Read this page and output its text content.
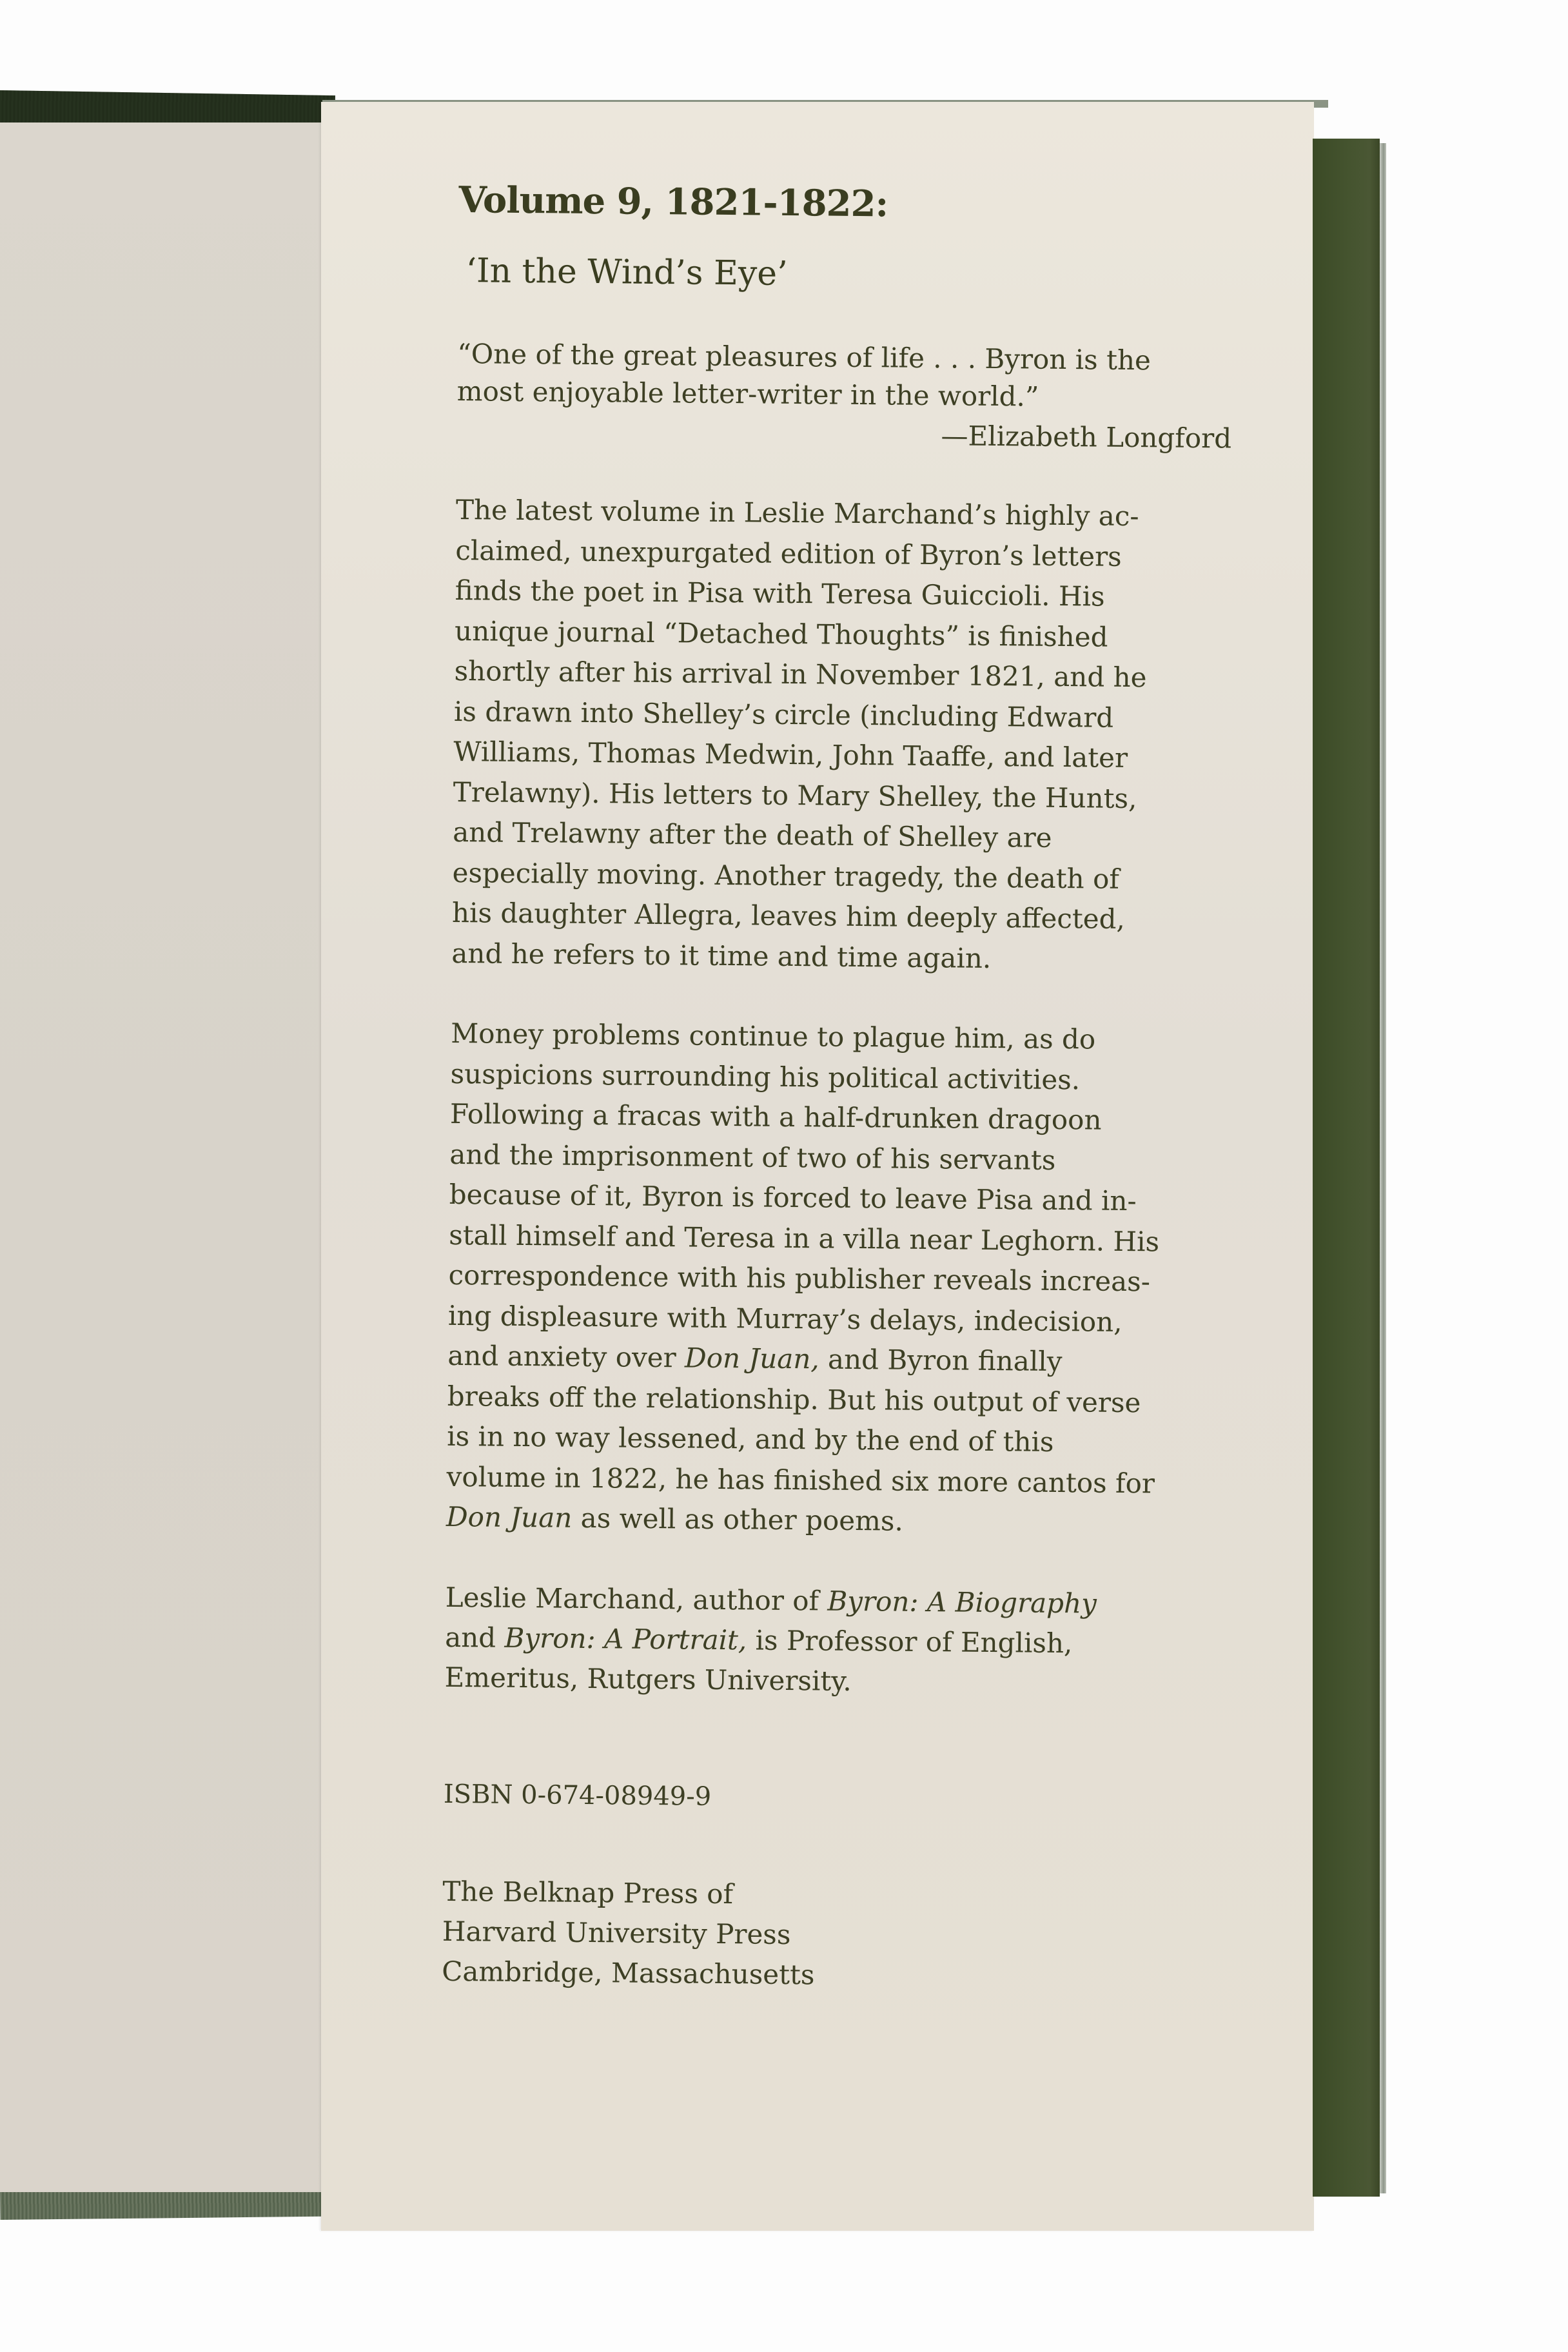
Volume 9, 1821-1822:
‘In the Wind’s Eye’
“One of the great pleasures of life . . . Byron is the
most enjoyable letter-writer in the world.”
—Elizabeth Longford
The latest volume in Leslie Marchand’s highly ac-
claimed, unexpurgated edition of Byron’s letters
finds the poet in Pisa with Teresa Guiccioli. His
unique journal “Detached Thoughts” is finished
shortly after his arrival in November 1821, and he
is drawn into Shelley’s circle (including Edward
Williams, Thomas Medwin, John Taaffe, and later
Trelawny). His letters to Mary Shelley, the Hunts,
and Trelawny after the death of Shelley are
especially moving. Another tragedy, the death of
his daughter Allegra, leaves him deeply affected,
and he refers to it time and time again.
Money problems continue to plague him, as do
suspicions surrounding his political activities.
Following a fracas with a half-drunken dragoon
and the imprisonment of two of his servants
because of it, Byron is forced to leave Pisa and in-
stall himself and Teresa in a villa near Leghorn. His
correspondence with his publisher reveals increas-
ing displeasure with Murray’s delays, indecision,
and anxiety over Don Juan, and Byron finally
breaks off the relationship. But his output of verse
is in no way lessened, and by the end of this
volume in 1822, he has finished six more cantos for
Don Juan as well as other poems.
Leslie Marchand, author of Byron: A Biography
and Byron: A Portrait, is Professor of English,
Emeritus, Rutgers University.
ISBN 0-674-08949-9
The Belknap Press of
Harvard University Press
Cambridge, Massachusetts
